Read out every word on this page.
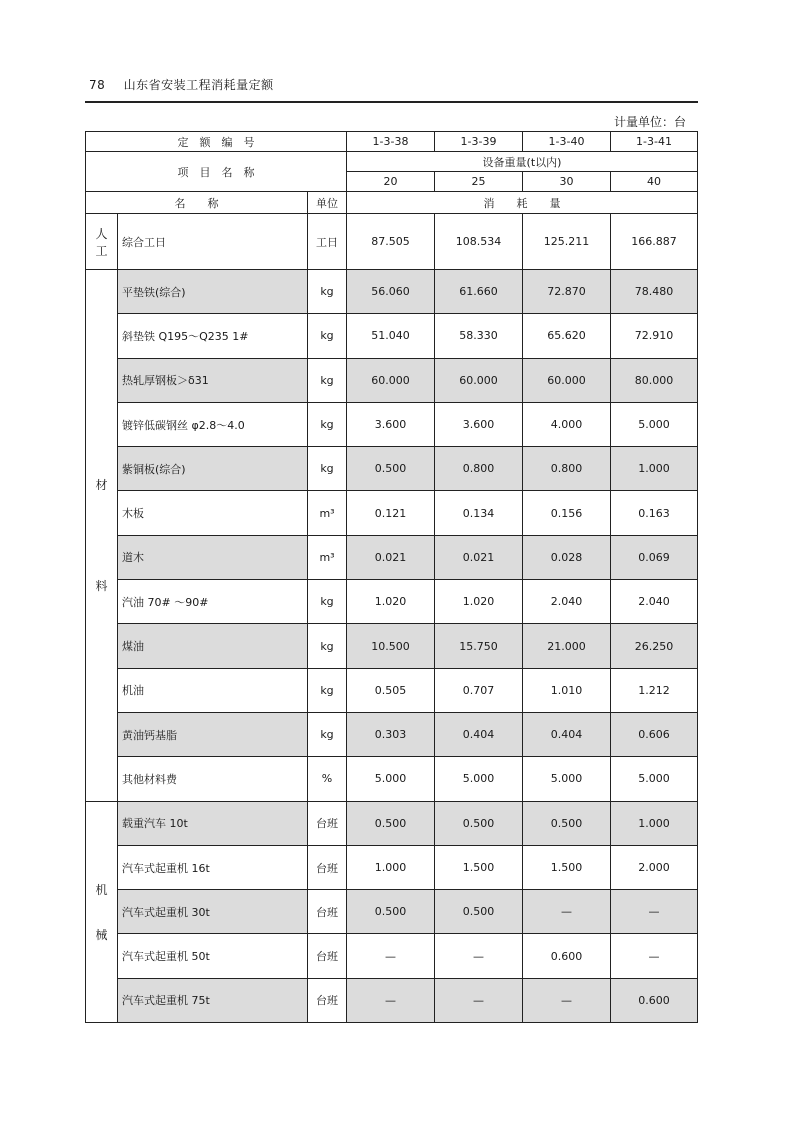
78 山东省安装工程消耗量定额
计量单位：台
定　额　编　号			1-3-38	1-3-39	1-3-40	1-3-41
项　目　名　称			设备重量(t以内)			
			20	25	30	40
名　　称		单位	消　　耗　　量			

人
工	综合工日	工日	87.505	108.534	125.211	166.887

材
料	平垫铁(综合)	kg	56.060	61.660	72.870	78.480
	斜垫铁 Q195～Q235 1#	kg	51.040	58.330	65.620	72.910
	热轧厚钢板＞δ31	kg	60.000	60.000	60.000	80.000
	镀锌低碳钢丝 φ2.8～4.0	kg	3.600	3.600	4.000	5.000
	紫铜板(综合)	kg	0.500	0.800	0.800	1.000
	木板	m³	0.121	0.134	0.156	0.163
	道木	m³	0.021	0.021	0.028	0.069
	汽油 70# ～90#	kg	1.020	1.020	2.040	2.040
	煤油	kg	10.500	15.750	21.000	26.250
	机油	kg	0.505	0.707	1.010	1.212
	黄油钙基脂	kg	0.303	0.404	0.404	0.606
	其他材料费	%	5.000	5.000	5.000	5.000

机
械	载重汽车 10t	台班	0.500	0.500	0.500	1.000
	汽车式起重机 16t	台班	1.000	1.500	1.500	2.000
	汽车式起重机 30t	台班	0.500	0.500	—	—
	汽车式起重机 50t	台班	—	—	0.600	—
	汽车式起重机 75t	台班	—	—	—	0.600
